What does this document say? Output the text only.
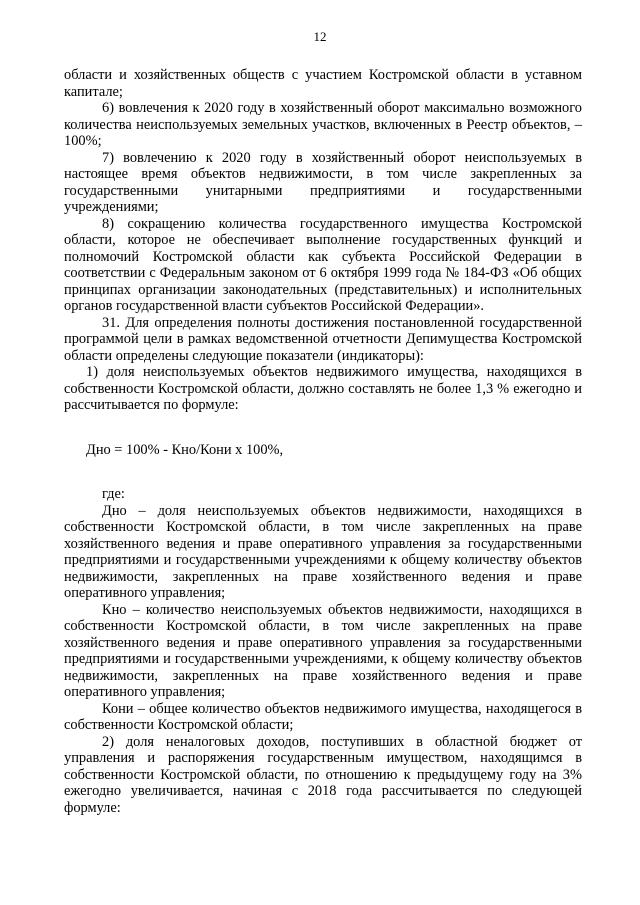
12

области и хозяйственных обществ с участием Костромской области в уставном капитале;

6) вовлечения к 2020 году в хозяйственный оборот максимально возможного количества неиспользуемых земельных участков, включенных в Реестр объектов, – 100%;

7) вовлечению к 2020 году в хозяйственный оборот неиспользуемых в настоящее время объектов недвижимости, в том числе закрепленных за государственными унитарными предприятиями и государственными учреждениями;

8) сокращению количества государственного имущества Костромской области, которое не обеспечивает выполнение государственных функций и полномочий Костромской области как субъекта Российской Федерации в соответствии с Федеральным законом от 6 октября 1999 года № 184-ФЗ «Об общих принципах организации законодательных (представительных) и исполнительных органов государственной власти субъектов Российской Федерации».

31. Для определения полноты достижения постановленной государственной программой цели в рамках ведомственной отчетности Депимущества Костромской области определены следующие показатели (индикаторы):

1) доля неиспользуемых объектов недвижимого имущества, находящихся в собственности Костромской области, должно составлять не более 1,3 % ежегодно и рассчитывается по формуле:

Дно = 100% - Кно/Кони х 100%,

где:

Дно – доля неиспользуемых объектов недвижимости, находящихся в собственности Костромской области, в том числе закрепленных на праве хозяйственного ведения и праве оперативного управления за государственными предприятиями и государственными учреждениями к общему количеству объектов недвижимости, закрепленных на праве хозяйственного ведения и праве оперативного управления;

Кно – количество неиспользуемых объектов недвижимости, находящихся в собственности Костромской области, в том числе закрепленных на праве хозяйственного ведения и праве оперативного управления за государственными предприятиями и государственными учреждениями, к общему количеству объектов недвижимости, закрепленных на праве хозяйственного ведения и праве оперативного управления;

Кони – общее количество объектов недвижимого имущества, находящегося в собственности Костромской области;

2) доля неналоговых доходов, поступивших в областной бюджет от управления и распоряжения государственным имуществом, находящимся в собственности Костромской области, по отношению к предыдущему году на 3% ежегодно увеличивается, начиная с 2018 года рассчитывается по следующей формуле:
